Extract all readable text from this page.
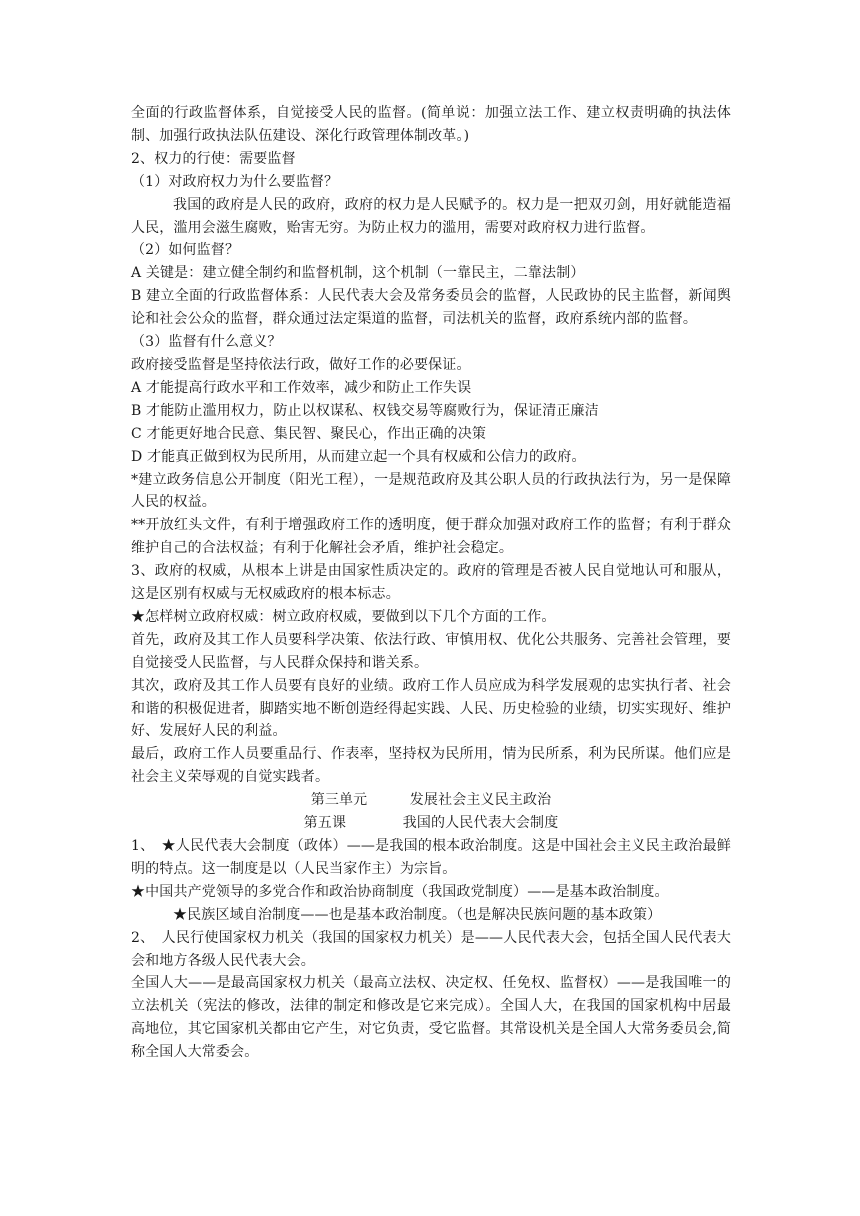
全面的行政监督体系，自觉接受人民的监督。(简单说：加强立法工作、建立权责明确的执法体制、加强行政执法队伍建设、深化行政管理体制改革。)

2、权力的行使：需要监督

（1）对政府权力为什么要监督？

我国的政府是人民的政府，政府的权力是人民赋予的。权力是一把双刃剑，用好就能造福人民，滥用会滋生腐败，贻害无穷。为防止权力的滥用，需要对政府权力进行监督。

（2）如何监督？

A 关键是：建立健全制约和监督机制，这个机制（一靠民主，二靠法制）

B 建立全面的行政监督体系：人民代表大会及常务委员会的监督，人民政协的民主监督，新闻舆论和社会公众的监督，群众通过法定渠道的监督，司法机关的监督，政府系统内部的监督。

（3）监督有什么意义？

政府接受监督是坚持依法行政，做好工作的必要保证。

A 才能提高行政水平和工作效率，减少和防止工作失误

B 才能防止滥用权力，防止以权谋私、权钱交易等腐败行为，保证清正廉洁

C 才能更好地合民意、集民智、聚民心，作出正确的决策

D 才能真正做到权为民所用，从而建立起一个具有权威和公信力的政府。

*建立政务信息公开制度（阳光工程），一是规范政府及其公职人员的行政执法行为，另一是保障人民的权益。

**开放红头文件，有利于增强政府工作的透明度，便于群众加强对政府工作的监督；有利于群众维护自己的合法权益；有利于化解社会矛盾，维护社会稳定。

3、政府的权威，从根本上讲是由国家性质决定的。政府的管理是否被人民自觉地认可和服从，这是区别有权威与无权威政府的根本标志。

★怎样树立政府权威：树立政府权威，要做到以下几个方面的工作。

首先，政府及其工作人员要科学决策、依法行政、审慎用权、优化公共服务、完善社会管理，要自觉接受人民监督，与人民群众保持和谐关系。

其次，政府及其工作人员要有良好的业绩。政府工作人员应成为科学发展观的忠实执行者、社会和谐的积极促进者，脚踏实地不断创造经得起实践、人民、历史检验的业绩，切实实现好、维护好、发展好人民的利益。

最后，政府工作人员要重品行、作表率，坚持权为民所用，情为民所系，利为民所谋。他们应是社会主义荣辱观的自觉实践者。

第三单元　　　发展社会主义民主政治

第五课　　　　我国的人民代表大会制度

1、　★人民代表大会制度（政体）——是我国的根本政治制度。这是中国社会主义民主政治最鲜明的特点。这一制度是以（人民当家作主）为宗旨。

★中国共产党领导的多党合作和政治协商制度（我国政党制度）——是基本政治制度。

★民族区域自治制度——也是基本政治制度。（也是解决民族问题的基本政策）

2、　人民行使国家权力机关（我国的国家权力机关）是——人民代表大会，包括全国人民代表大会和地方各级人民代表大会。

全国人大——是最高国家权力机关（最高立法权、决定权、任免权、监督权）——是我国唯一的立法机关（宪法的修改，法律的制定和修改是它来完成）。全国人大，在我国的国家机构中居最高地位，其它国家机关都由它产生，对它负责，受它监督。其常设机关是全国人大常务委员会,简称全国人大常委会。
